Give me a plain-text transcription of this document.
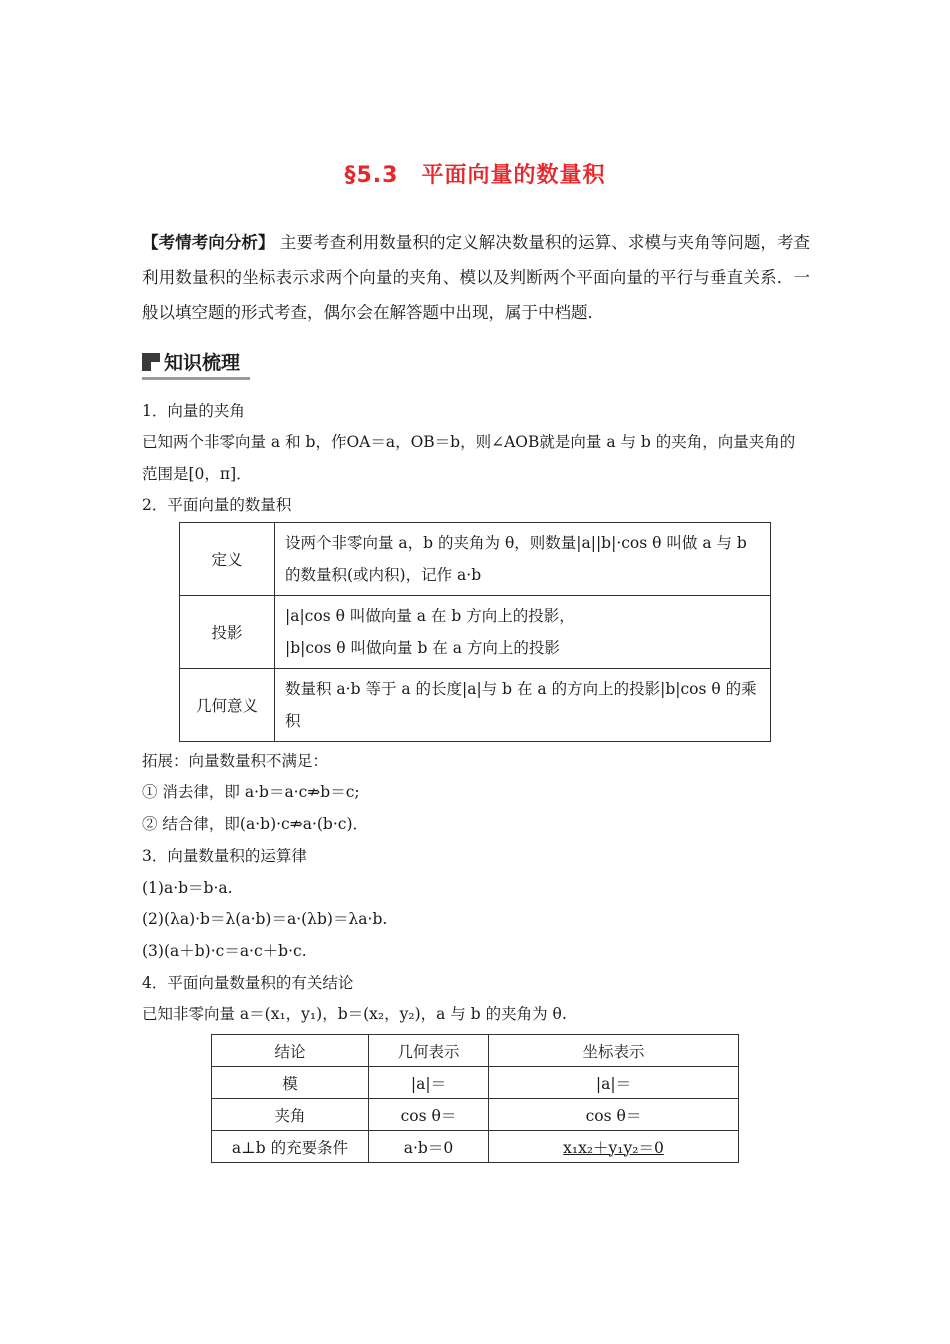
§5.3　平面向量的数量积
【考情考向分析】 主要考查利用数量积的定义解决数量积的运算、求模与夹角等问题，考查利用数量积的坐标表示求两个向量的夹角、模以及判断两个平面向量的平行与垂直关系．一般以填空题的形式考查，偶尔会在解答题中出现，属于中档题．
知识梳理
1．向量的夹角
已知两个非零向量 a 和 b，作OA＝a，OB＝b，则∠AOB就是向量 a 与 b 的夹角，向量夹角的范围是[0，π]．
2．平面向量的数量积
定义	设两个非零向量 a，b 的夹角为 θ，则数量|a||b|·cos θ 叫做 a 与 b 的数量积(或内积)，记作 a·b
投影	|a|cos θ 叫做向量 a 在 b 方向上的投影，
|b|cos θ 叫做向量 b 在 a 方向上的投影

几何意义	数量积 a·b 等于 a 的长度|a|与 b 在 a 的方向上的投影|b|cos θ 的乘积
拓展：向量数量积不满足：
① 消去律，即 a·b＝a·c⇏b＝c;
② 结合律，即(a·b)·c⇏a·(b·c)．
3．向量数量积的运算律
(1)a·b＝b·a.
(2)(λa)·b＝λ(a·b)＝a·(λb)＝λa·b.
(3)(a＋b)·c＝a·c＋b·c.
4．平面向量数量积的有关结论
已知非零向量 a＝(x₁，y₁)，b＝(x₂，y₂)，a 与 b 的夹角为 θ.
结论	几何表示	坐标表示
模	|a|＝	|a|＝
夹角	cos θ＝	cos θ＝
a⊥b 的充要条件	a·b＝0	x₁x₂＋y₁y₂＝0
